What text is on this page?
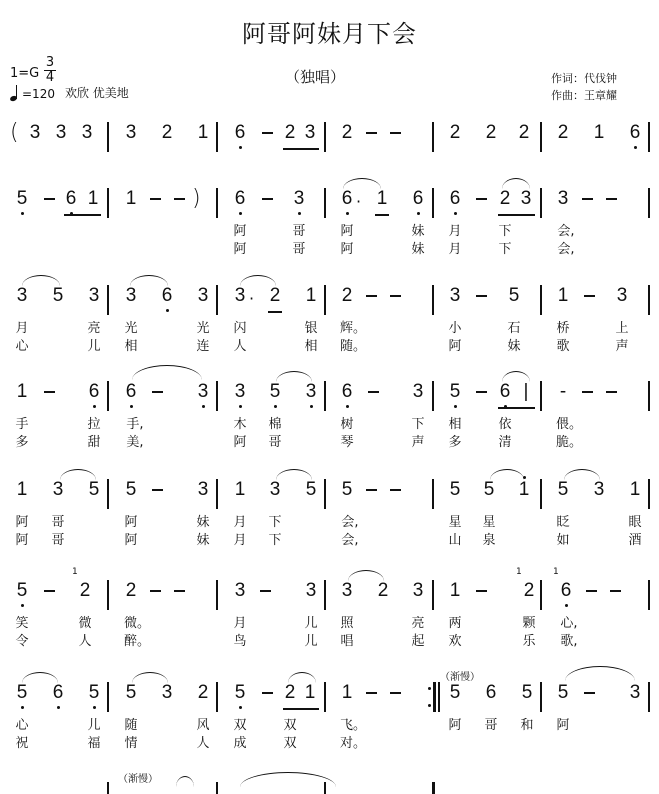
阿哥阿妹月下会
1=G
3
4
=120 欢欣 优美地
（独唱）	作词：代伐钟
作曲：王章耀
( 3 3 3 3 2 1 6 2 3 2	2 2 2 2 1 6
5 6 1 1	) 6	3 6 · 1 6 6 2 3 3
阿	哥	阿	妹 月	下	会,
阿	哥	阿	妹 月	下	会,
3 5 3 3 6 3 3 · 2 1 2	3	5 1	3
月	亮 光	光 闪	银 辉。	小	石	桥	上
心	儿 相	连 人	相 随。	阿	妹	歌	声
1	6 6	3 3 5 3 6	3 5 6 | -
手	拉 手,	木 棉	树	下 相	依	偎。
多	甜 美,	阿 哥	琴	声 多	清	脆。
1 3 5 5	3 1 3 5 5	5 5 1 5 3 1
阿 哥	阿	妹 月 下	会,	星 星	眨	眼
阿 哥	阿	妹 月 下	会,	山 泉	如	酒
5
1
2 2	3	3 3 2 3 1
1
2
1
6
笑	微	微。	月	儿 照	亮 两	颗 心,
令	人	醉。	鸟	儿 唱	起 欢	乐 歌,
5 6 5 5 3 2 5 2 1 1
（渐慢）
5 6 5 5	3
心	儿 随	风 双	双	飞。	阿 哥 和 阿
祝	福 情	人 成	双	对。
（渐慢）
